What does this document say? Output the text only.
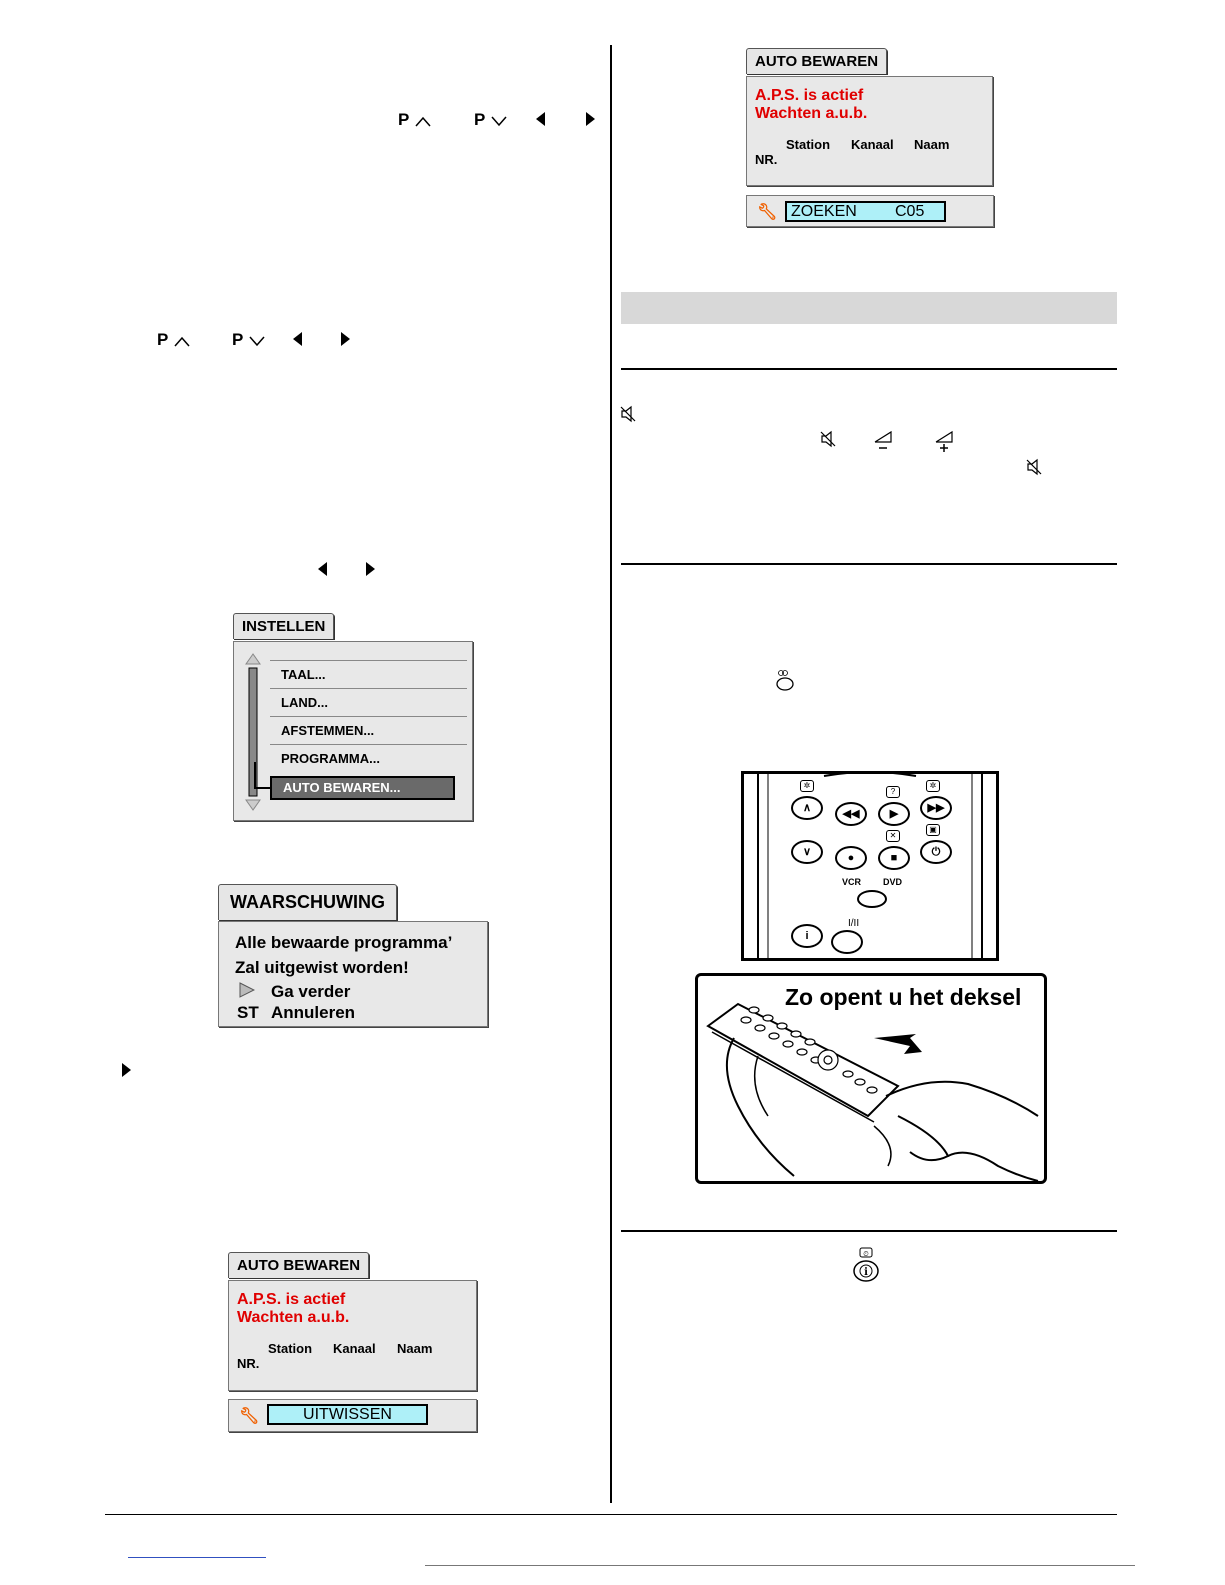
P	P
P	P
INSTELLEN
TAAL...
LAND...
AFSTEMMEN...
PROGRAMMA...
AUTO BEWAREN...
WAARSCHUWING
Alle bewaarde programma’
Zal uitgewist worden!
Ga verder
ST Annuleren
AUTO BEWAREN
A.P.S. is actief
Wachten a.u.b.
Station Kanaal Naam
NR.
🔧︎	UITWISSEN
AUTO BEWAREN
A.P.S. is actief
Wachten a.u.b.
Station Kanaal Naam
NR.
🔧︎ ZOEKEN C05
∧	◀◀	▶	▶▶
✲
?
✲
∨	●	■	⏻
✕
▣
VCR DVD
i
I/II
Zo opent u het deksel
⏲
i
